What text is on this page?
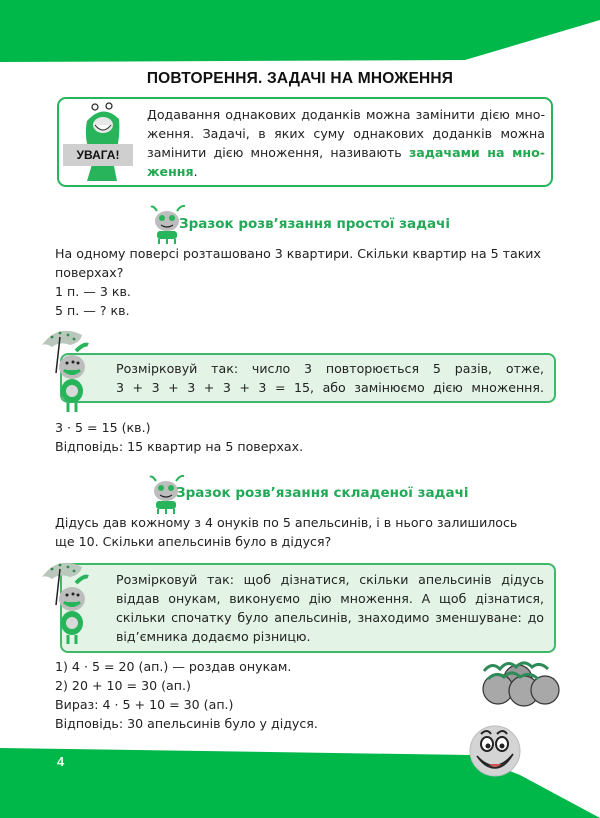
ПОВТОРЕННЯ. ЗАДАЧІ НА МНОЖЕННЯ
УВАГА!
Додавання однакових доданків можна замінити дією мно-
ження. Задачі, в яких суму однакових доданків можна
замінити дією множення, називають задачами на мно-
ження.
Зразок розв’язання простої задачі
На одному поверсі розташовано 3 квартири. Скільки квартир на 5 таких
поверхах?
1 п. — 3 кв.
5 п. — ? кв.
Розмірковуй так: число 3 повторюється 5 разів, отже,
3 + 3 + 3 + 3 + 3 = 15, або замінюємо дією множення.
3 · 5 = 15 (кв.)
Відповідь: 15 квартир на 5 поверхах.
Зразок розв’язання складеної задачі
Дідусь дав кожному з 4 онуків по 5 апельсинів, і в нього залишилось
ще 10. Скільки апельсинів було в дідуся?
Розмірковуй так: щоб дізнатися, скільки апельсинів дідусь
віддав онукам, виконуємо дію множення. А щоб дізнатися,
скільки спочатку було апельсинів, знаходимо зменшуване: до
від’ємника додаємо різницю.
1) 4 · 5 = 20 (ап.) — роздав онукам.
2) 20 + 10 = 30 (ап.)
Вираз: 4 · 5 + 10 = 30 (ап.)
Відповідь: 30 апельсинів було у дідуся.
4
